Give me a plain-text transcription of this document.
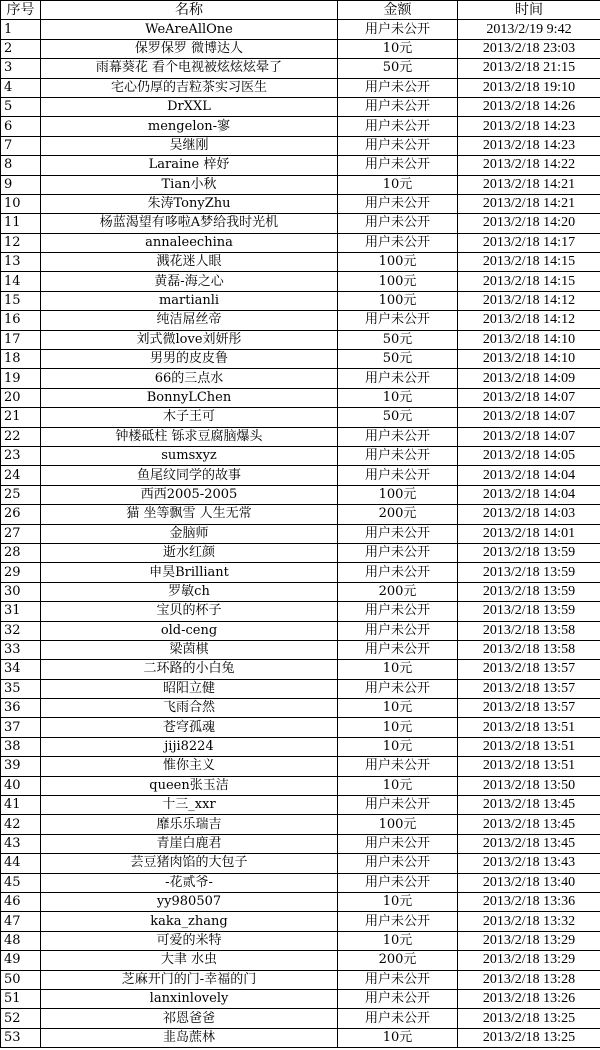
序号	名称	金额	时间
1	WeAreAllOne	用户未公开	2013/2/19 9:42
2	保罗保罗 微博达人	10元	2013/2/18 23:03
3	雨幕葵花 看个电视被炫炫炫晕了	50元	2013/2/18 21:15
4	宅心仍厚的吉粒茶实习医生	用户未公开	2013/2/18 19:10
5	DrXXL	用户未公开	2013/2/18 14:26
6	mengelon-寥	用户未公开	2013/2/18 14:23
7	吴继刚	用户未公开	2013/2/18 14:23
8	Laraine 梓妤	用户未公开	2013/2/18 14:22
9	Tian小秋	10元	2013/2/18 14:21
10	朱涛TonyZhu	用户未公开	2013/2/18 14:21
11	杨蓝渴望有哆啦A梦给我时光机	用户未公开	2013/2/18 14:20
12	annaleechina	用户未公开	2013/2/18 14:17
13	溅花迷人眼	100元	2013/2/18 14:15
14	黄磊-海之心	100元	2013/2/18 14:15
15	martianli	100元	2013/2/18 14:12
16	纯洁屌丝帝	用户未公开	2013/2/18 14:12
17	刘式微love刘妍彤	50元	2013/2/18 14:10
18	男男的皮皮鲁	50元	2013/2/18 14:10
19	66的三点水	用户未公开	2013/2/18 14:09
20	BonnyLChen	10元	2013/2/18 14:07
21	木子王可	50元	2013/2/18 14:07
22	钟楼砥柱 铄求豆腐脑爆头	用户未公开	2013/2/18 14:07
23	sumsxyz	用户未公开	2013/2/18 14:05
24	鱼尾纹同学的故事	用户未公开	2013/2/18 14:04
25	西西2005-2005	100元	2013/2/18 14:04
26	猫 坐等飘雪 人生无常	200元	2013/2/18 14:03
27	金脑师	用户未公开	2013/2/18 14:01
28	逝水红颜	用户未公开	2013/2/18 13:59
29	申昊Brilliant	用户未公开	2013/2/18 13:59
30	罗敏ch	200元	2013/2/18 13:59
31	宝贝的杯子	用户未公开	2013/2/18 13:59
32	old-ceng	用户未公开	2013/2/18 13:58
33	梁茵棋	用户未公开	2013/2/18 13:58
34	二环路的小白兔	10元	2013/2/18 13:57
35	昭阳立健	用户未公开	2013/2/18 13:57
36	飞雨合然	10元	2013/2/18 13:57
37	苍穹孤魂	10元	2013/2/18 13:51
38	jiji8224	10元	2013/2/18 13:51
39	惟你主义	用户未公开	2013/2/18 13:51
40	queen张玉洁	10元	2013/2/18 13:50
41	十三_xxr	用户未公开	2013/2/18 13:45
42	靡乐乐瑞吉	100元	2013/2/18 13:45
43	青崖白鹿君	用户未公开	2013/2/18 13:45
44	芸豆猪肉馅的大包子	用户未公开	2013/2/18 13:43
45	-花贰爷-	用户未公开	2013/2/18 13:40
46	yy980507	10元	2013/2/18 13:36
47	kaka_zhang	用户未公开	2013/2/18 13:32
48	可爱的米特	10元	2013/2/18 13:29
49	大聿 水虫	200元	2013/2/18 13:29
50	芝麻开门的门-幸福的门	用户未公开	2013/2/18 13:28
51	lanxinlovely	用户未公开	2013/2/18 13:26
52	祁恩爸爸	用户未公开	2013/2/18 13:25
53	韭岛蔗林	10元	2013/2/18 13:25
